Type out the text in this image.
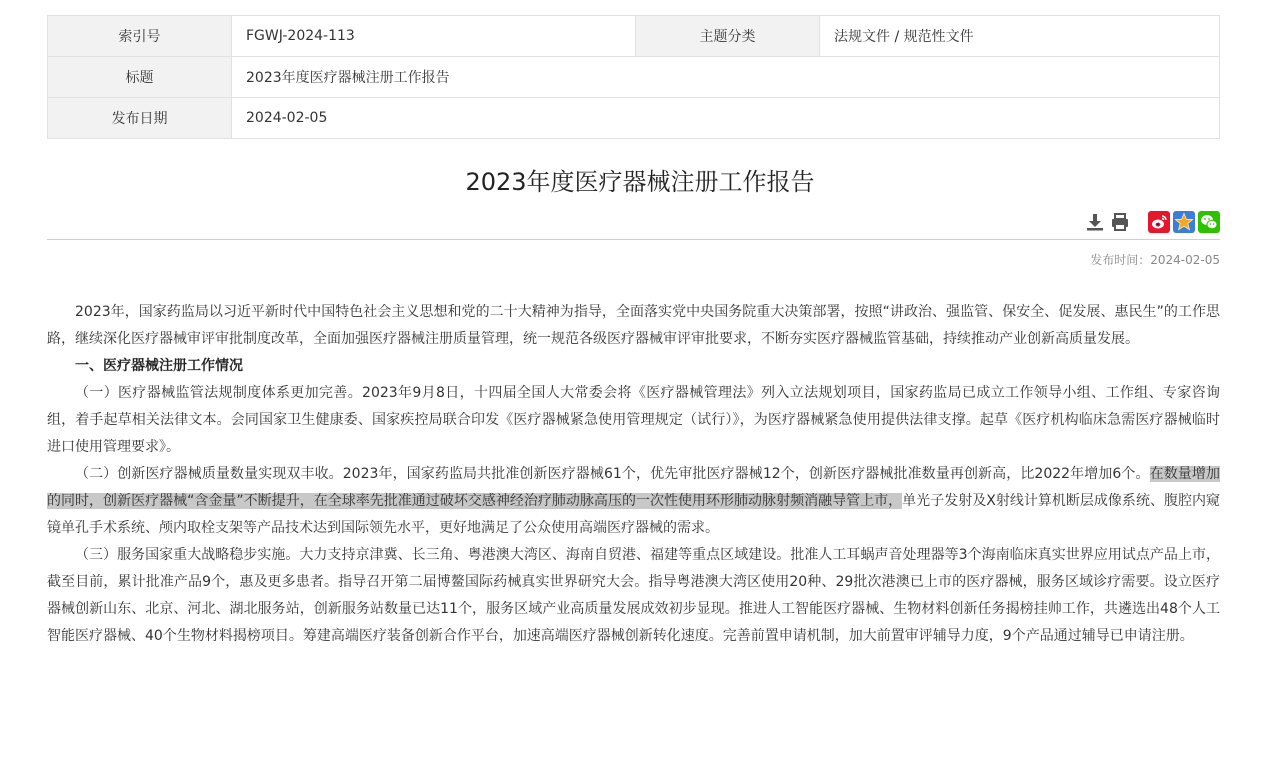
索引号	FGWJ-2024-113	主题分类	法规文件 / 规范性文件
标题	2023年度医疗器械注册工作报告		
发布日期	2024-02-05		
2023年度医疗器械注册工作报告
发布时间：2024-02-05

2023年，国家药监局以习近平新时代中国特色社会主义思想和党的二十大精神为指导，全面落实党中央国务院重大决策部署，按照“讲政治、强监管、保安全、促发展、惠民生”的工作思路，继续深化医疗器械审评审批制度改革，全面加强医疗器械注册质量管理，统一规范各级医疗器械审评审批要求，不断夯实医疗器械监管基础，持续推动产业创新高质量发展。

一、医疗器械注册工作情况

（一）医疗器械监管法规制度体系更加完善。2023年9月8日，十四届全国人大常委会将《医疗器械管理法》列入立法规划项目，国家药监局已成立工作领导小组、工作组、专家咨询组，着手起草相关法律文本。会同国家卫生健康委、国家疾控局联合印发《医疗器械紧急使用管理规定（试行）》，为医疗器械紧急使用提供法律支撑。起草《医疗机构临床急需医疗器械临时进口使用管理要求》。

（二）创新医疗器械质量数量实现双丰收。2023年，国家药监局共批准创新医疗器械61个，优先审批医疗器械12个，创新医疗器械批准数量再创新高，比2022年增加6个。在数量增加的同时，创新医疗器械“含金量”不断提升，在全球率先批准通过破坏交感神经治疗肺动脉高压的一次性使用环形肺动脉射频消融导管上市，单光子发射及X射线计算机断层成像系统、腹腔内窥镜单孔手术系统、颅内取栓支架等产品技术达到国际领先水平，更好地满足了公众使用高端医疗器械的需求。

（三）服务国家重大战略稳步实施。大力支持京津冀、长三角、粤港澳大湾区、海南自贸港、福建等重点区域建设。批准人工耳蜗声音处理器等3个海南临床真实世界应用试点产品上市，截至目前，累计批准产品9个，惠及更多患者。指导召开第二届博鳌国际药械真实世界研究大会。指导粤港澳大湾区使用20种、29批次港澳已上市的医疗器械，服务区域诊疗需要。设立医疗器械创新山东、北京、河北、湖北服务站，创新服务站数量已达11个，服务区域产业高质量发展成效初步显现。推进人工智能医疗器械、生物材料创新任务揭榜挂帅工作，共遴选出48个人工智能医疗器械、40个生物材料揭榜项目。筹建高端医疗装备创新合作平台，加速高端医疗器械创新转化速度。完善前置申请机制，加大前置审评辅导力度，9个产品通过辅导已申请注册。
